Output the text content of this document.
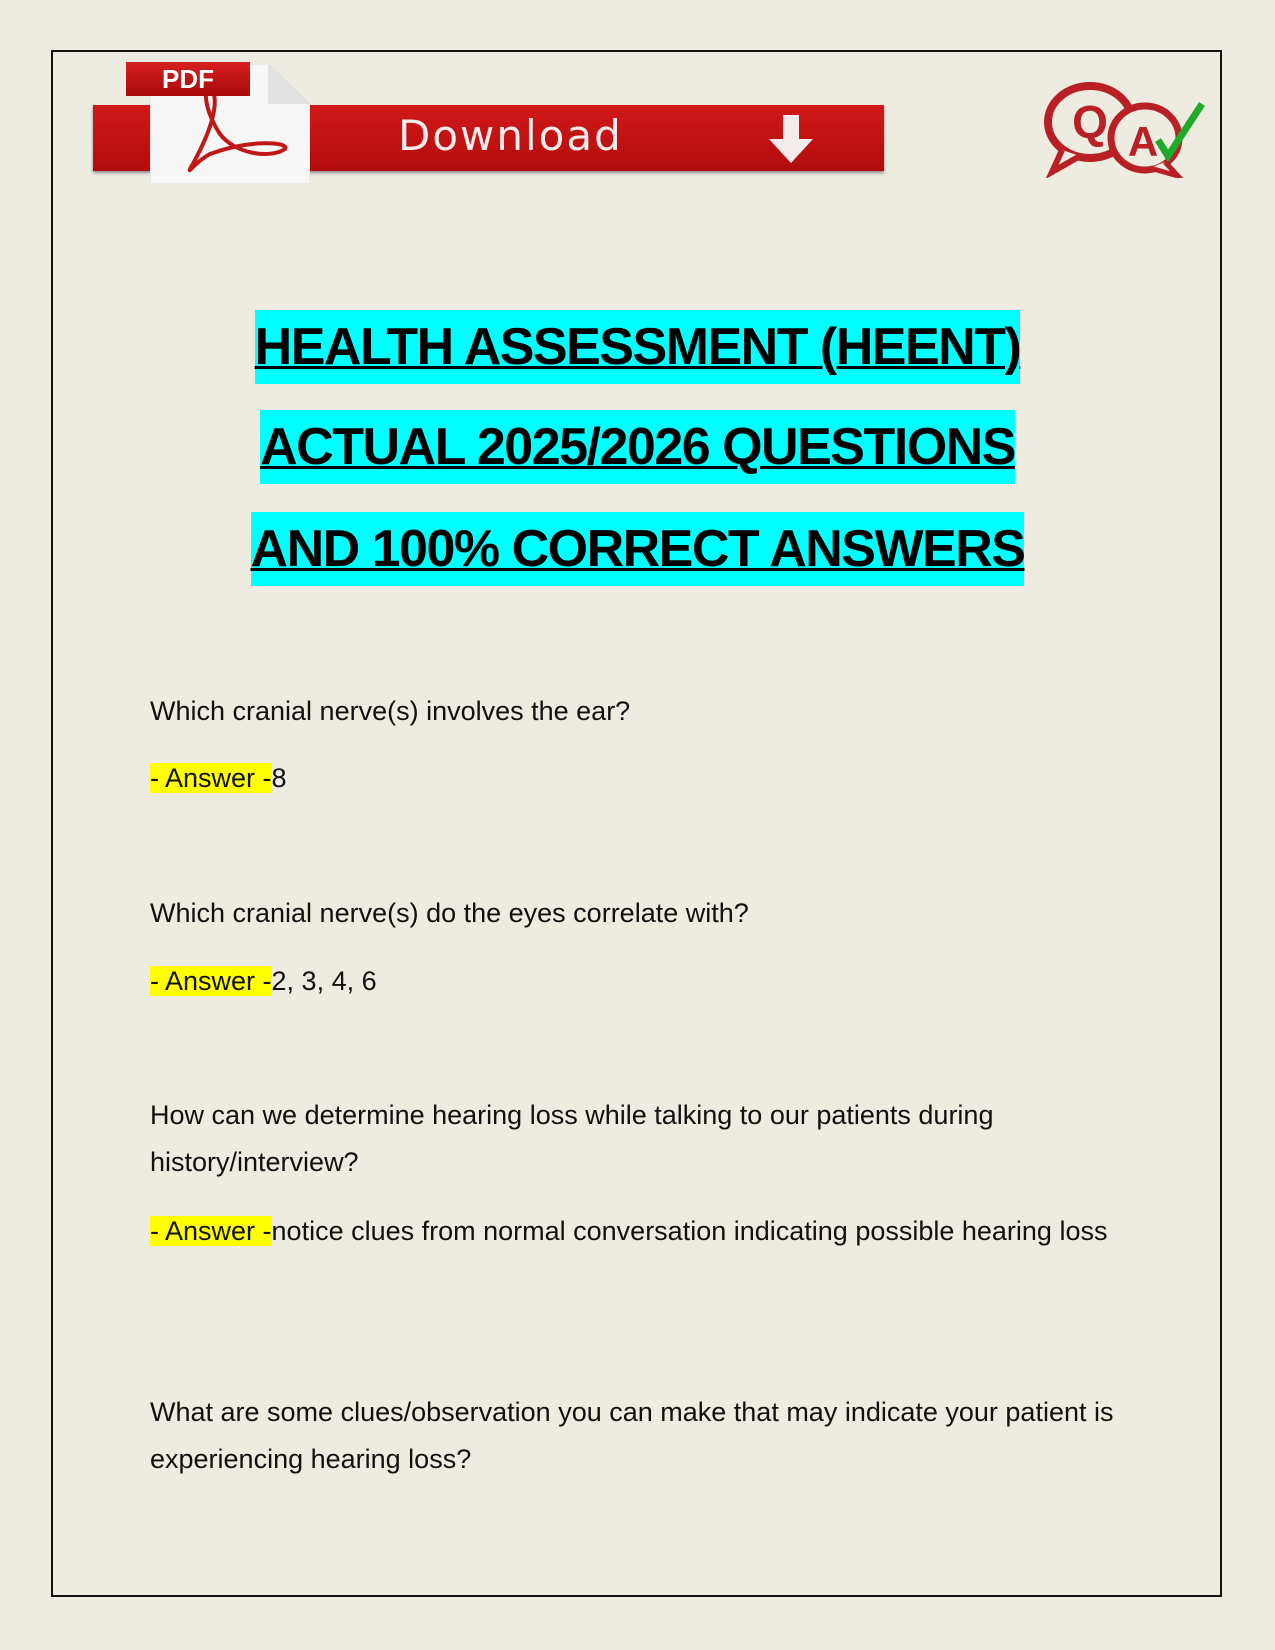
Download
PDF
Q A
HEALTH ASSESSMENT (HEENT)
ACTUAL 2025/2026 QUESTIONS
AND 100% CORRECT ANSWERS
Which cranial nerve(s) involves the ear?
- Answer -8
Which cranial nerve(s) do the eyes correlate with?
- Answer -2, 3, 4, 6
How can we determine hearing loss while talking to our patients during history/interview?
- Answer -notice clues from normal conversation indicating possible hearing loss
What are some clues/observation you can make that may indicate your patient is experiencing hearing loss?
